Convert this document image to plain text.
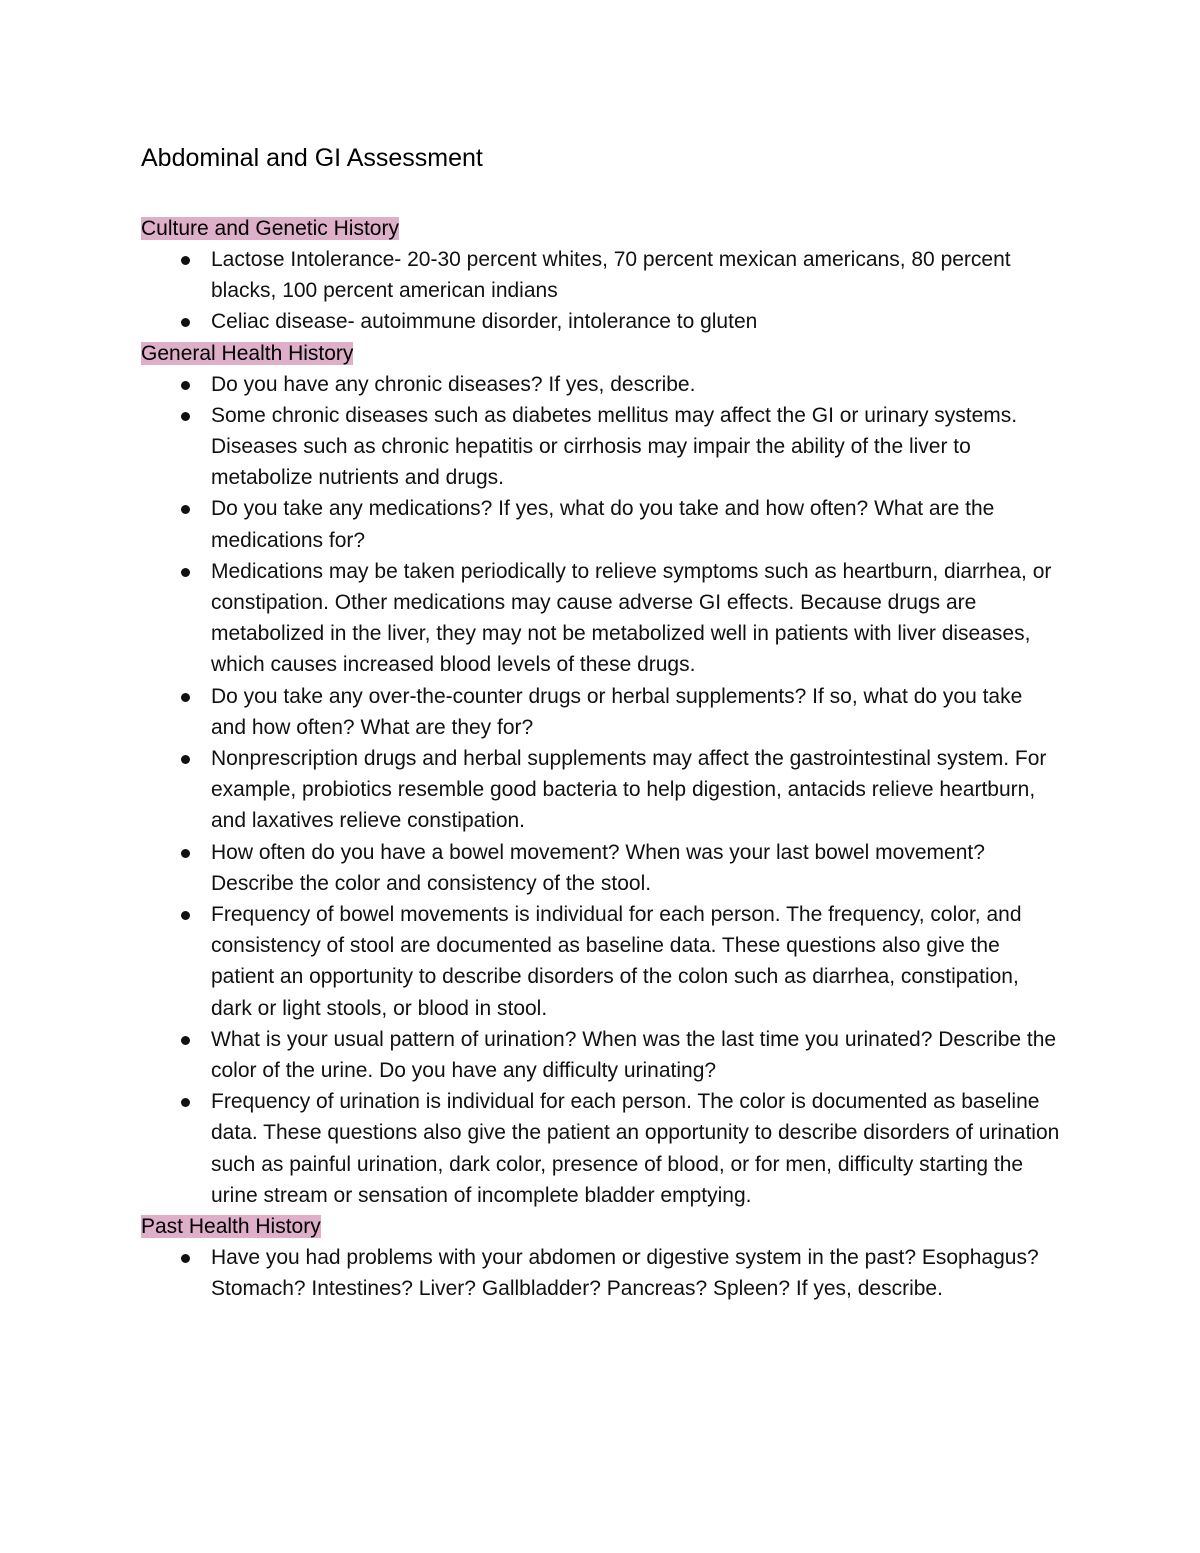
Abdominal and GI Assessment
Culture and Genetic History
Lactose Intolerance- 20-30 percent whites, 70 percent mexican americans, 80 percent blacks, 100 percent american indians
Celiac disease- autoimmune disorder, intolerance to gluten
General Health History
Do you have any chronic diseases? If yes, describe.
Some chronic diseases such as diabetes mellitus may affect the GI or urinary systems. Diseases such as chronic hepatitis or cirrhosis may impair the ability of the liver to metabolize nutrients and drugs.
Do you take any medications? If yes, what do you take and how often? What are the medications for?
Medications may be taken periodically to relieve symptoms such as heartburn, diarrhea, or constipation. Other medications may cause adverse GI effects. Because drugs are metabolized in the liver, they may not be metabolized well in patients with liver diseases, which causes increased blood levels of these drugs.
Do you take any over-the-counter drugs or herbal supplements? If so, what do you take and how often? What are they for?
Nonprescription drugs and herbal supplements may affect the gastrointestinal system. For example, probiotics resemble good bacteria to help digestion, antacids relieve heartburn, and laxatives relieve constipation.
How often do you have a bowel movement? When was your last bowel movement? Describe the color and consistency of the stool.
Frequency of bowel movements is individual for each person. The frequency, color, and consistency of stool are documented as baseline data. These questions also give the patient an opportunity to describe disorders of the colon such as diarrhea, constipation, dark or light stools, or blood in stool.
What is your usual pattern of urination? When was the last time you urinated? Describe the color of the urine. Do you have any difficulty urinating?
Frequency of urination is individual for each person. The color is documented as baseline data. These questions also give the patient an opportunity to describe disorders of urination such as painful urination, dark color, presence of blood, or for men, difficulty starting the urine stream or sensation of incomplete bladder emptying.
Past Health History
Have you had problems with your abdomen or digestive system in the past? Esophagus? Stomach? Intestines? Liver? Gallbladder? Pancreas? Spleen? If yes, describe.
